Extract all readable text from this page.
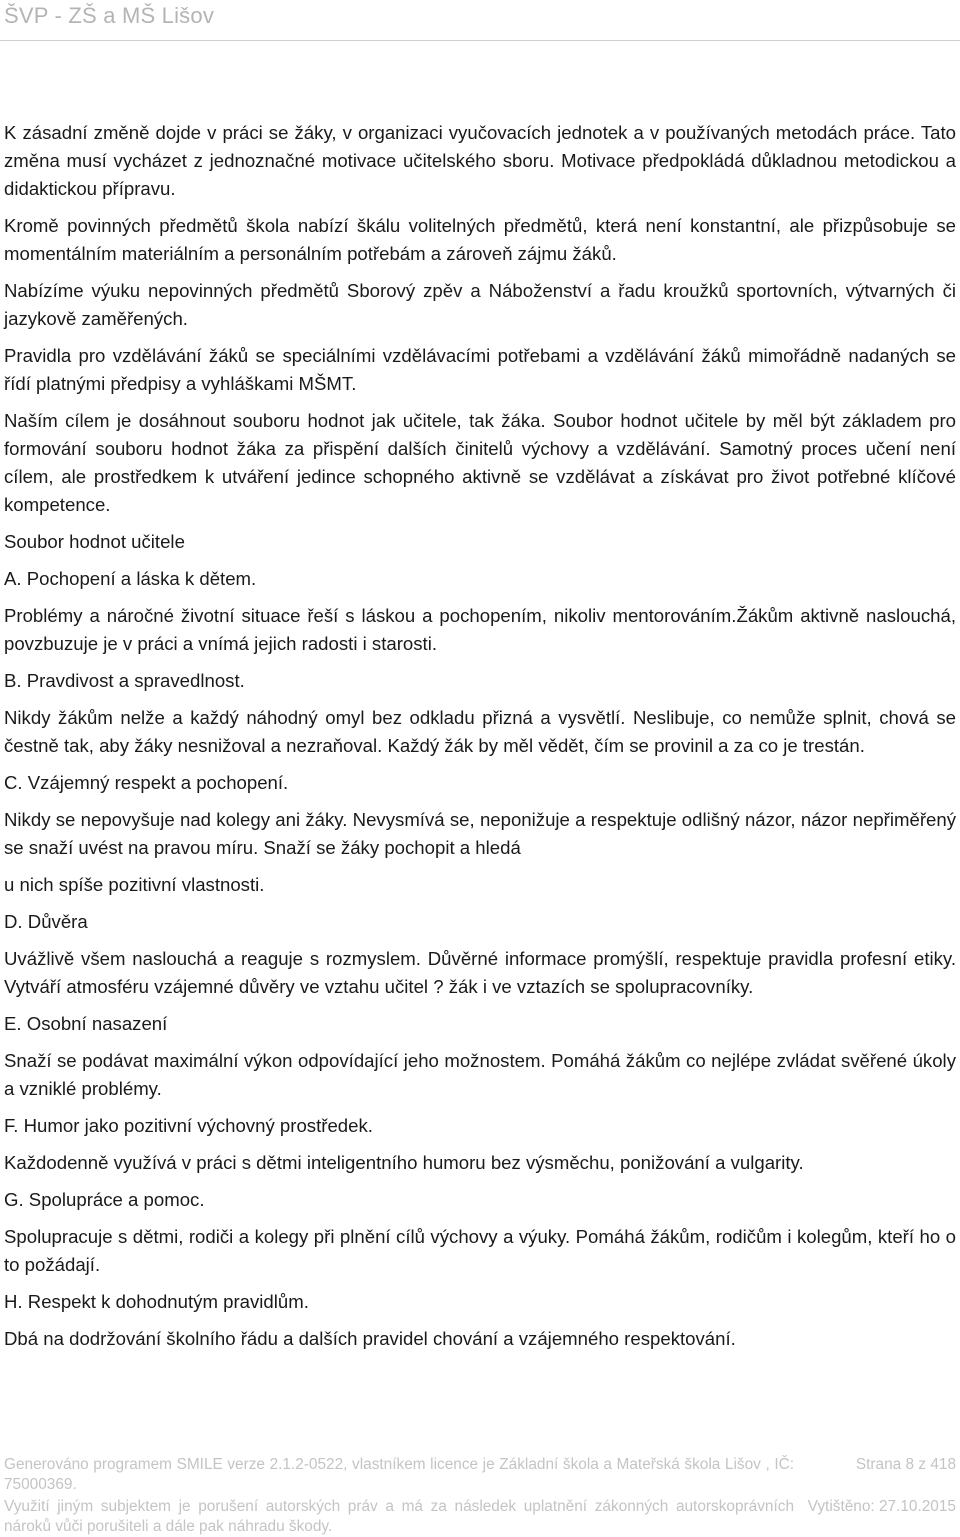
ŠVP - ZŠ a MŠ Lišov

K zásadní změně dojde v práci se žáky, v organizaci vyučovacích jednotek a v používaných metodách práce. Tato změna musí vycházet z jednoznačné motivace učitelského sboru. Motivace předpokládá důkladnou metodickou a didaktickou přípravu.

Kromě povinných předmětů škola nabízí škálu volitelných předmětů, která není konstantní, ale přizpůsobuje se momentálním materiálním a personálním potřebám a zároveň zájmu žáků.

Nabízíme výuku nepovinných předmětů Sborový zpěv a Náboženství a řadu kroužků sportovních, výtvarných či jazykově zaměřených.

Pravidla pro vzdělávání žáků se speciálními vzdělávacími potřebami a vzdělávání žáků mimořádně nadaných se řídí platnými předpisy a vyhláškami MŠMT.

Naším cílem je dosáhnout souboru hodnot jak učitele, tak žáka. Soubor hodnot učitele by měl být základem pro formování souboru hodnot žáka za přispění dalších činitelů výchovy a vzdělávání. Samotný proces učení není cílem, ale prostředkem k utváření jedince schopného aktivně se vzdělávat a získávat pro život potřebné klíčové kompetence.

Soubor hodnot učitele

A. Pochopení a láska k dětem.

Problémy a náročné životní situace řeší s láskou a pochopením, nikoliv mentorováním.Žákům aktivně naslouchá, povzbuzuje je v práci a vnímá jejich radosti i starosti.

B. Pravdivost a spravedlnost.

Nikdy žákům nelže a každý náhodný omyl bez odkladu přizná a vysvětlí. Neslibuje, co nemůže splnit, chová se čestně tak, aby žáky nesnižoval a nezraňoval. Každý žák by měl vědět, čím se provinil a za co je trestán.

C. Vzájemný respekt a pochopení.

Nikdy se nepovyšuje nad kolegy ani žáky. Nevysmívá se, neponižuje a respektuje odlišný názor, názor nepřiměřený se snaží uvést na pravou míru. Snaží se žáky pochopit a hledá

u nich spíše pozitivní vlastnosti.

D. Důvěra

Uvážlivě všem naslouchá a reaguje s rozmyslem. Důvěrné informace promýšlí, respektuje pravidla profesní etiky. Vytváří atmosféru vzájemné důvěry ve vztahu učitel ? žák i ve vztazích se spolupracovníky.

E. Osobní nasazení

Snaží se podávat maximální výkon odpovídající jeho možnostem. Pomáhá žákům co nejlépe zvládat svěřené úkoly a vzniklé problémy.

F. Humor jako pozitivní výchovný prostředek.

Každodenně využívá v práci s dětmi inteligentního humoru bez výsměchu, ponižování a vulgarity.

G. Spolupráce a pomoc.

Spolupracuje s dětmi, rodiči a kolegy při plnění cílů výchovy a výuky. Pomáhá žákům, rodičům i kolegům, kteří ho o to požádají.

H. Respekt k dohodnutým pravidlům.

Dbá na dodržování školního řádu a dalších pravidel chování a vzájemného respektování.

Generováno programem SMILE verze 2.1.2-0522, vlastníkem licence je Základní škola a Mateřská škola Lišov , IČ: 75000369.
Strana 8 z 418
Využití jiným subjektem je porušení autorských práv a má za následek uplatnění zákonných autorskoprávních nároků vůči porušiteli a dále pak náhradu škody.
Vytištěno: 27.10.2015
